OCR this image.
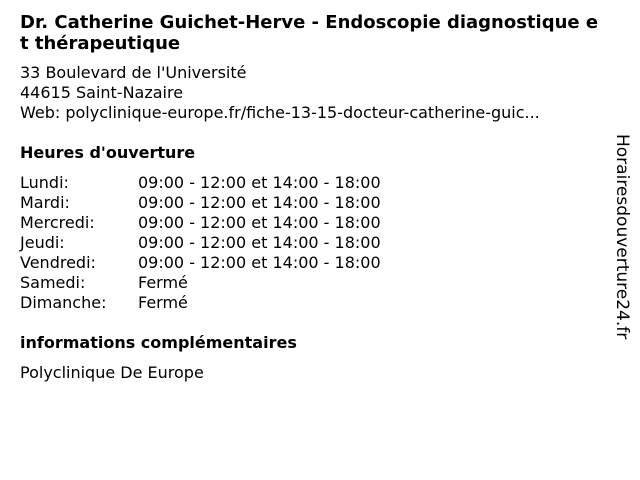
Dr. Catherine Guichet-Herve - Endoscopie diagnostique et thérapeutique
33 Boulevard de l'Université
44615 Saint-Nazaire
Web: polyclinique-europe.fr/fiche-13-15-docteur-catherine-guic...
Heures d'ouverture
Lundi:	09:00 - 12:00 et 14:00 - 18:00
Mardi:	09:00 - 12:00 et 14:00 - 18:00
Mercredi:	09:00 - 12:00 et 14:00 - 18:00
Jeudi:	09:00 - 12:00 et 14:00 - 18:00
Vendredi:	09:00 - 12:00 et 14:00 - 18:00
Samedi:	Fermé
Dimanche:	Fermé
informations complémentaires
Polyclinique De Europe
Horairesdouverture24.fr
